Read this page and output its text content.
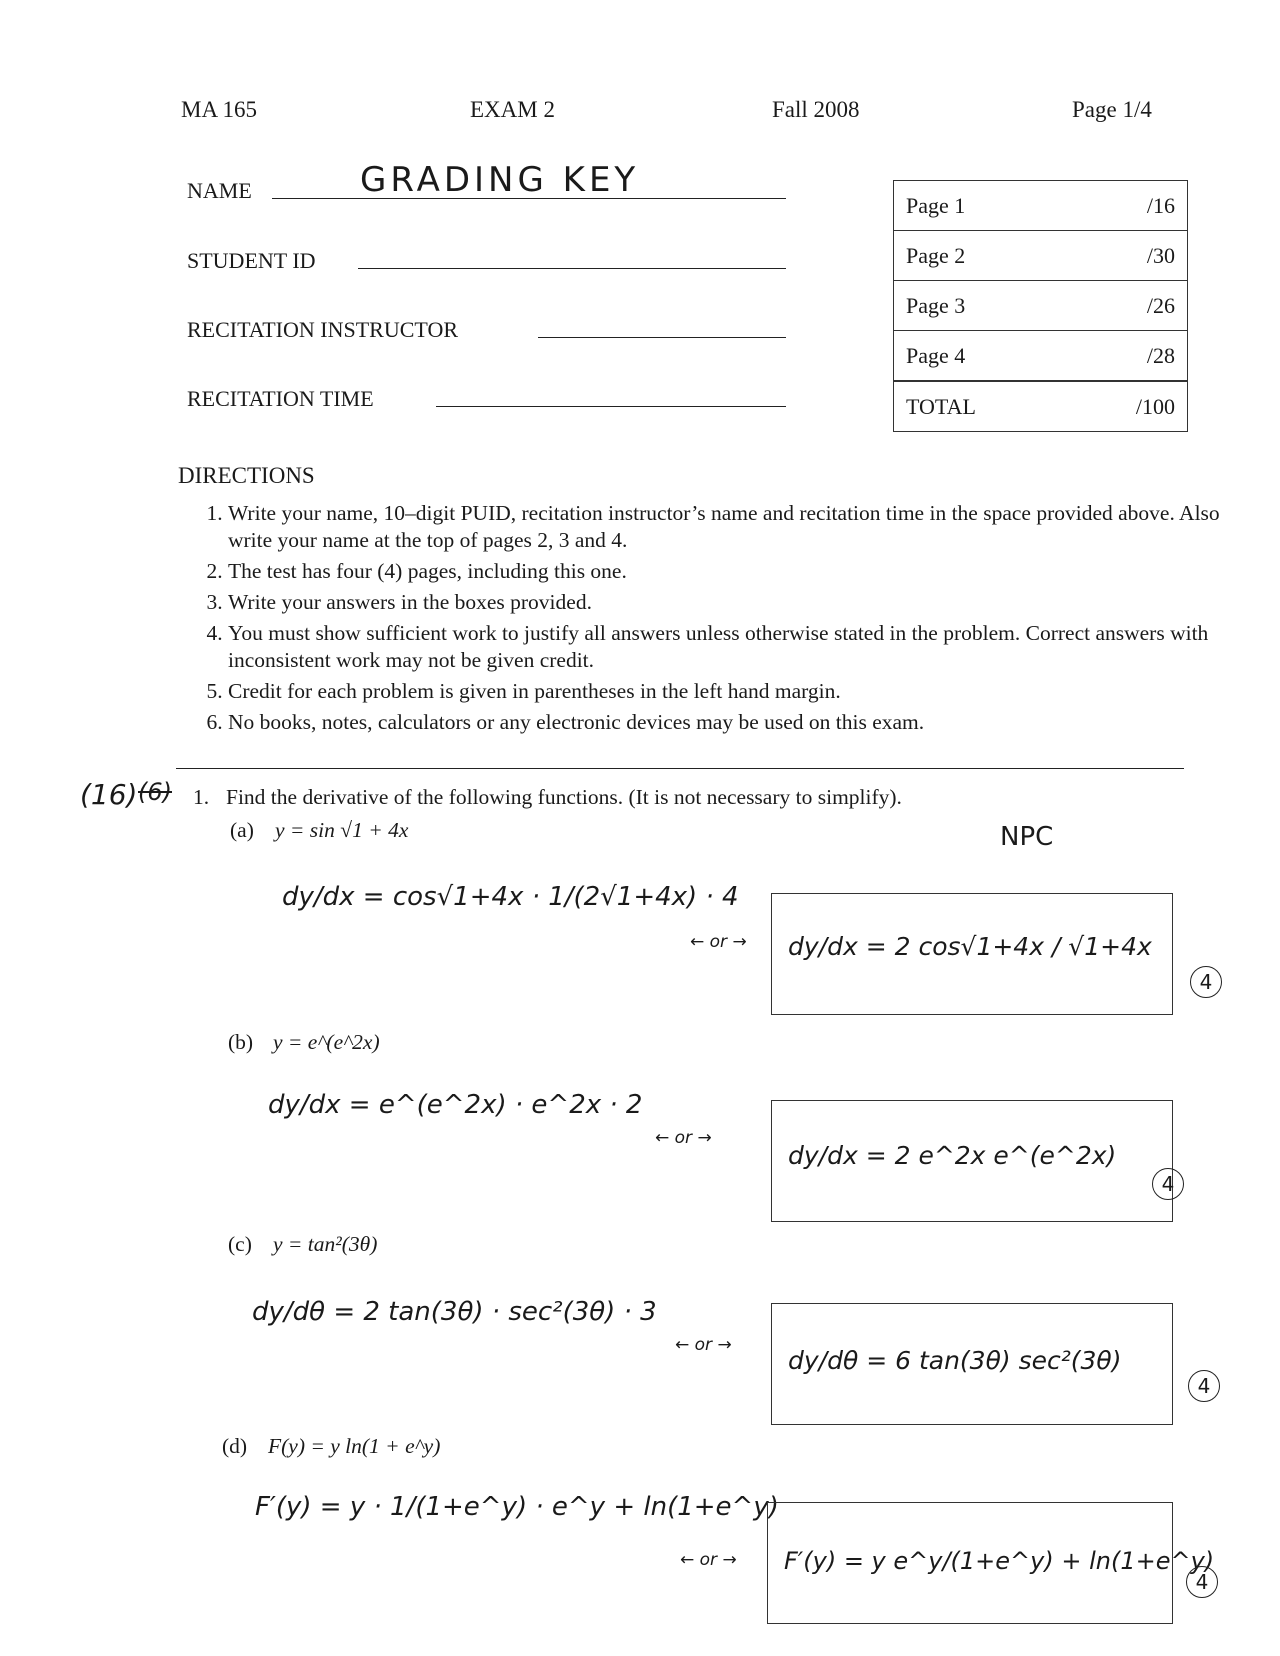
MA 165	EXAM 2	Fall 2008	Page 1/4
NAME	GRADING KEY
STUDENT ID
RECITATION INSTRUCTOR
RECITATION TIME
Page 1	/16
Page 2	/30
Page 3	/26
Page 4	/28
TOTAL	/100
DIRECTIONS
1. Write your name, 10–digit PUID, recitation instructor’s name and recitation time in the space provided above. Also write your name at the top of pages 2, 3 and 4.
2. The test has four (4) pages, including this one.
3. Write your answers in the boxes provided.
4. You must show sufficient work to justify all answers unless otherwise stated in the problem. Correct answers with inconsistent work may not be given credit.
5. Credit for each problem is given in parentheses in the left hand margin.
6. No books, notes, calculators or any electronic devices may be used on this exam.
(16) (6) 1. Find the derivative of the following functions. (It is not necessary to simplify).
NPC
(a) y = sin √1 + 4x
dy/dx = cos√1+4x · 1/(2√1+4x) · 4
← or → dy/dx = 2 cos√1+4x / √1+4x
4
(b) y = e^(e^2x)
dy/dx = e^(e^2x) · e^2x · 2
← or →
dy/dx = 2 e^2x e^(e^2x)
4
(c) y = tan²(3θ)
dy/dθ = 2 tan(3θ) · sec²(3θ) · 3
← or →
dy/dθ = 6 tan(3θ) sec²(3θ)
4
(d) F(y) = y ln(1 + e^y)
F′(y) = y · 1/(1+e^y) · e^y + ln(1+e^y)
← or → F′(y) = y e^y/(1+e^y) + ln(1+e^y)
4
